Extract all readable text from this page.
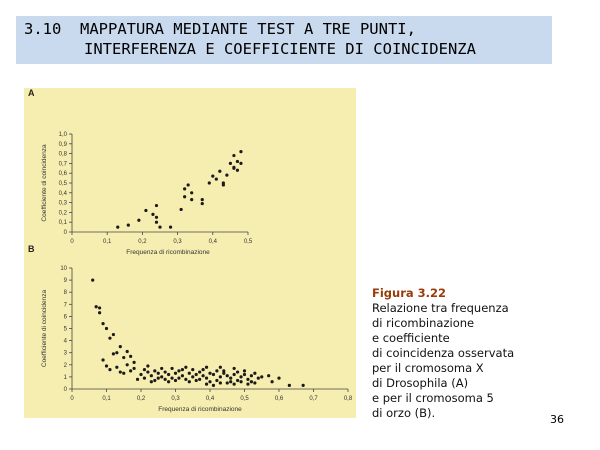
3.10  MAPPATURA MEDIANTE TEST A TRE PUNTI,

INTERFERENZA E COEFFICIENTE DI COINCIDENZA

A
0	0,1	0,2	0,3	0,4	0,5
0
0,1
0,2
0,3
0,4
0,5
0,6
0,7
0,8
0,9
1,0
Frequenza di ricombinazione
Coefficiente di coincidenza
B
0	0,1	0,2	0,3	0,4	0,5	0,6	0,7	0,8
0
1
2
3
4
5
6
7
8
9
10
Frequenza di ricombinazione
Coefficiente di coincidenza	Figura 3.22
Relazione tra frequenza
di ricombinazione
e coefficiente
di coincidenza osservata
per il cromosoma X
di Drosophila (A)
e per il cromosoma 5
di orzo (B).	36
